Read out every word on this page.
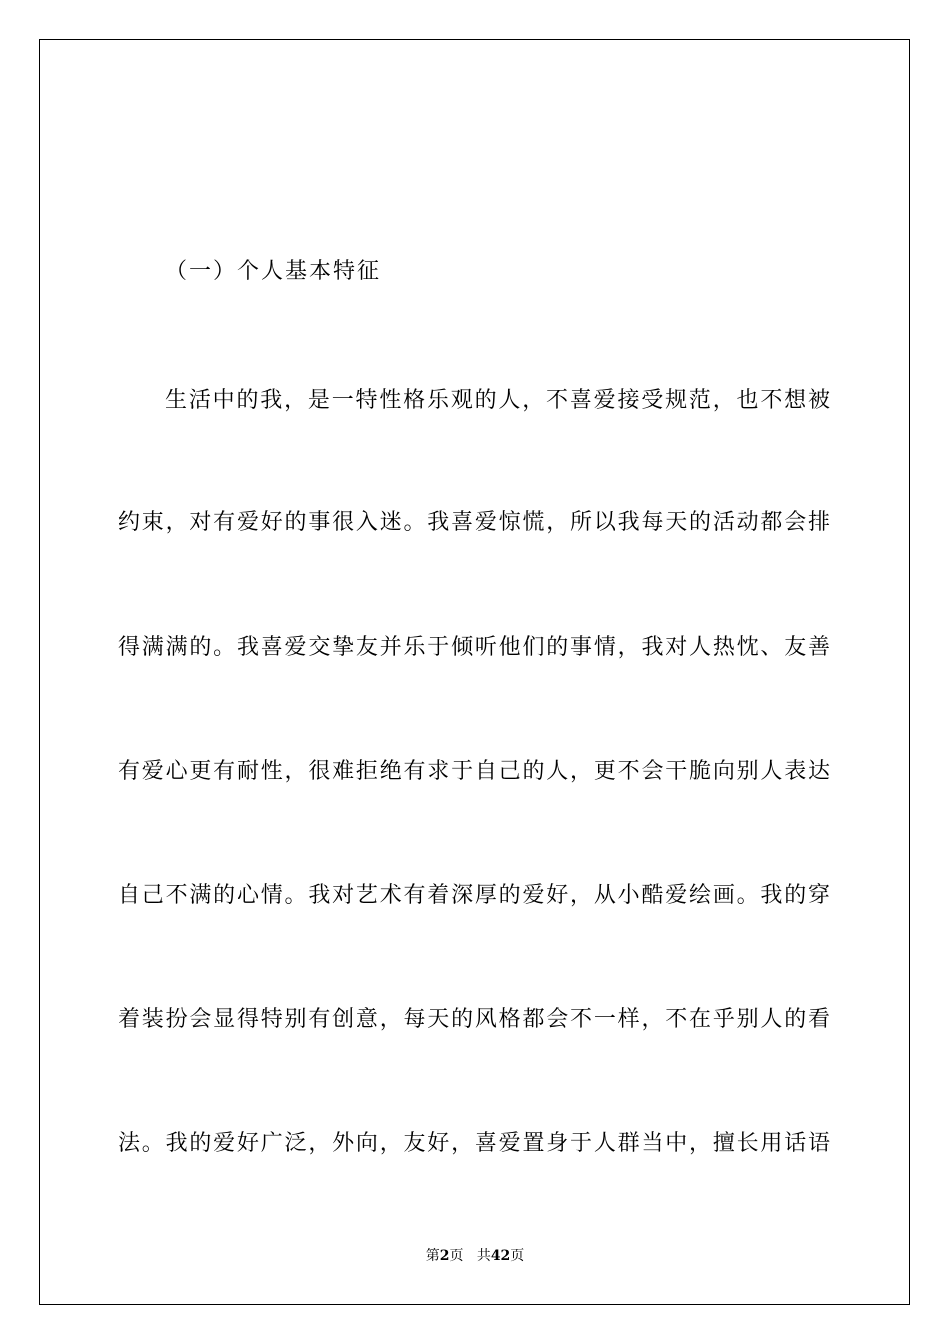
（一）个人基本特征
生活中的我，是一特性格乐观的人，不喜爱接受规范，也不想被
约束，对有爱好的事很入迷。我喜爱惊慌，所以我每天的活动都会排
得满满的。我喜爱交挚友并乐于倾听他们的事情，我对人热忱、友善
有爱心更有耐性，很难拒绝有求于自己的人，更不会干脆向别人表达
自己不满的心情。我对艺术有着深厚的爱好，从小酷爱绘画。我的穿
着装扮会显得特别有创意，每天的风格都会不一样，不在乎别人的看
法。我的爱好广泛，外向，友好，喜爱置身于人群当中，擅长用话语
第2页 共42页
